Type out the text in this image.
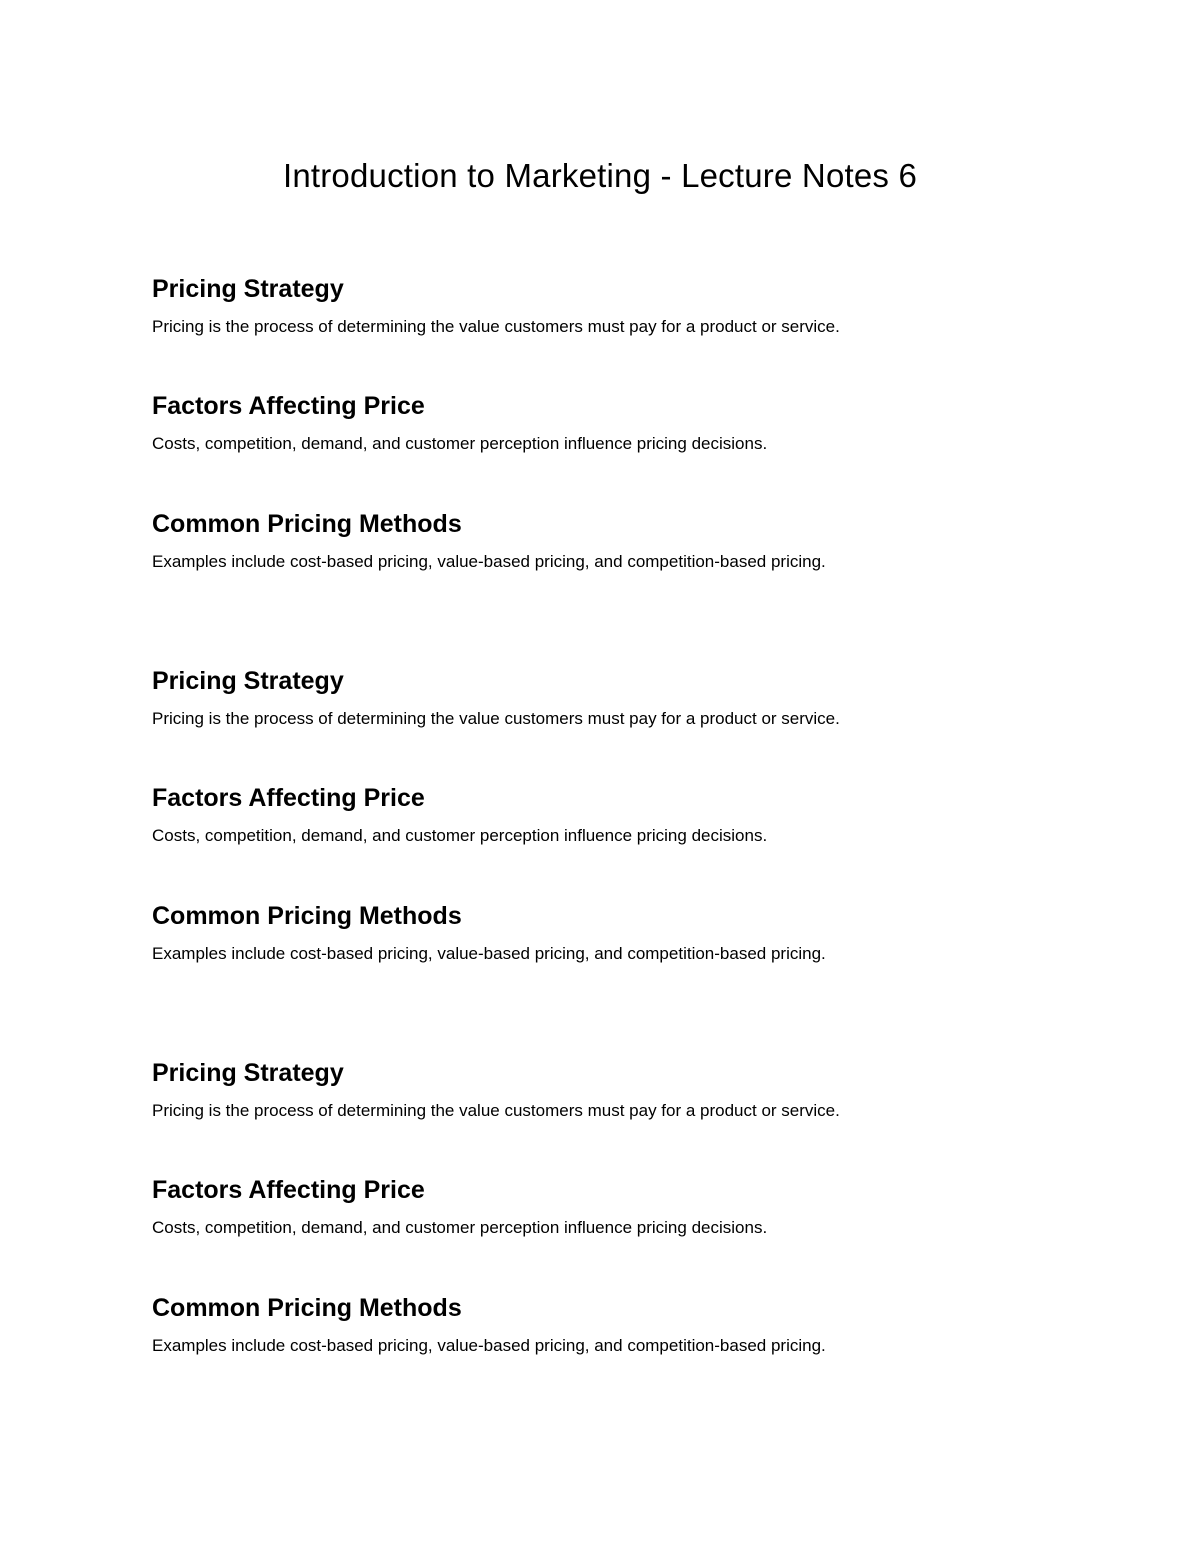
Introduction to Marketing - Lecture Notes 6
Pricing Strategy

Pricing is the process of determining the value customers must pay for a product or service.

Factors Affecting Price

Costs, competition, demand, and customer perception influence pricing decisions.

Common Pricing Methods

Examples include cost-based pricing, value-based pricing, and competition-based pricing.

Pricing Strategy

Pricing is the process of determining the value customers must pay for a product or service.

Factors Affecting Price

Costs, competition, demand, and customer perception influence pricing decisions.

Common Pricing Methods

Examples include cost-based pricing, value-based pricing, and competition-based pricing.

Pricing Strategy

Pricing is the process of determining the value customers must pay for a product or service.

Factors Affecting Price

Costs, competition, demand, and customer perception influence pricing decisions.

Common Pricing Methods

Examples include cost-based pricing, value-based pricing, and competition-based pricing.
